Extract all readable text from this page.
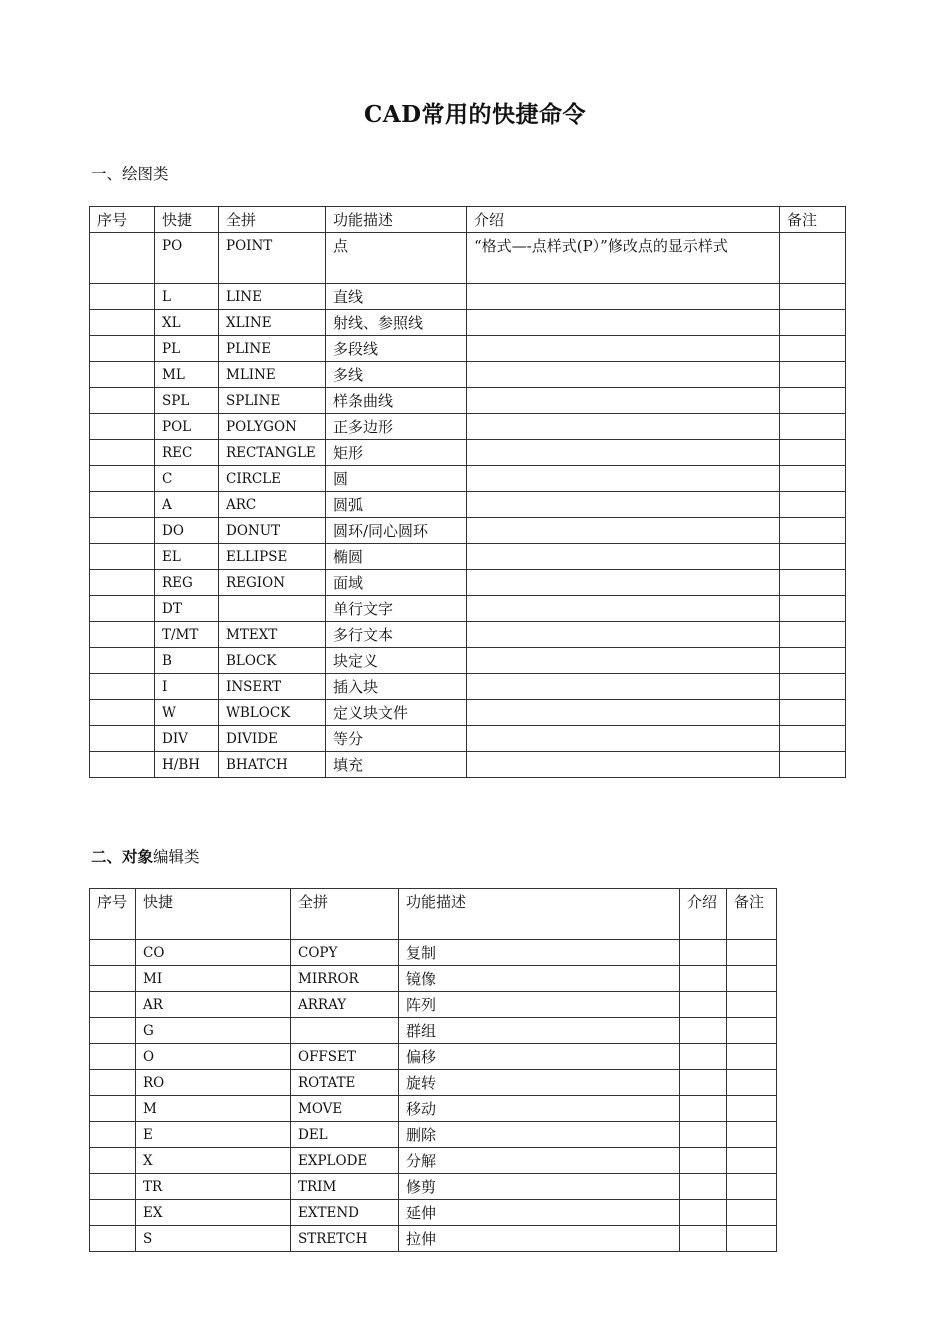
CAD常用的快捷命令
一、绘图类
序号	快捷	全拼	功能描述	介绍	备注
	PO	POINT	点	“格式—-点样式(P）”修改点的显示样式	
	L	LINE	直线		
	XL	XLINE	射线、参照线		
	PL	PLINE	多段线		
	ML	MLINE	多线		
	SPL	SPLINE	样条曲线		
	POL	POLYGON	正多边形		
	REC	RECTANGLE	矩形		
	C	CIRCLE	圆		
	A	ARC	圆弧		
	DO	DONUT	圆环/同心圆环		
	EL	ELLIPSE	椭圆		
	REG	REGION	面域		
	DT		单行文字		
	T/MT	MTEXT	多行文本		
	B	BLOCK	块定义		
	I	INSERT	插入块		
	W	WBLOCK	定义块文件		
	DIV	DIVIDE	等分		
	H/BH	BHATCH	填充		
二、对象编辑类
序号	快捷	全拼	功能描述	介绍	备注
	CO	COPY	复制		
	MI	MIRROR	镜像		
	AR	ARRAY	阵列		
	G		群组		
	O	OFFSET	偏移		
	RO	ROTATE	旋转		
	M	MOVE	移动		
	E	DEL	删除		
	X	EXPLODE	分解		
	TR	TRIM	修剪		
	EX	EXTEND	延伸		
	S	STRETCH	拉伸		
